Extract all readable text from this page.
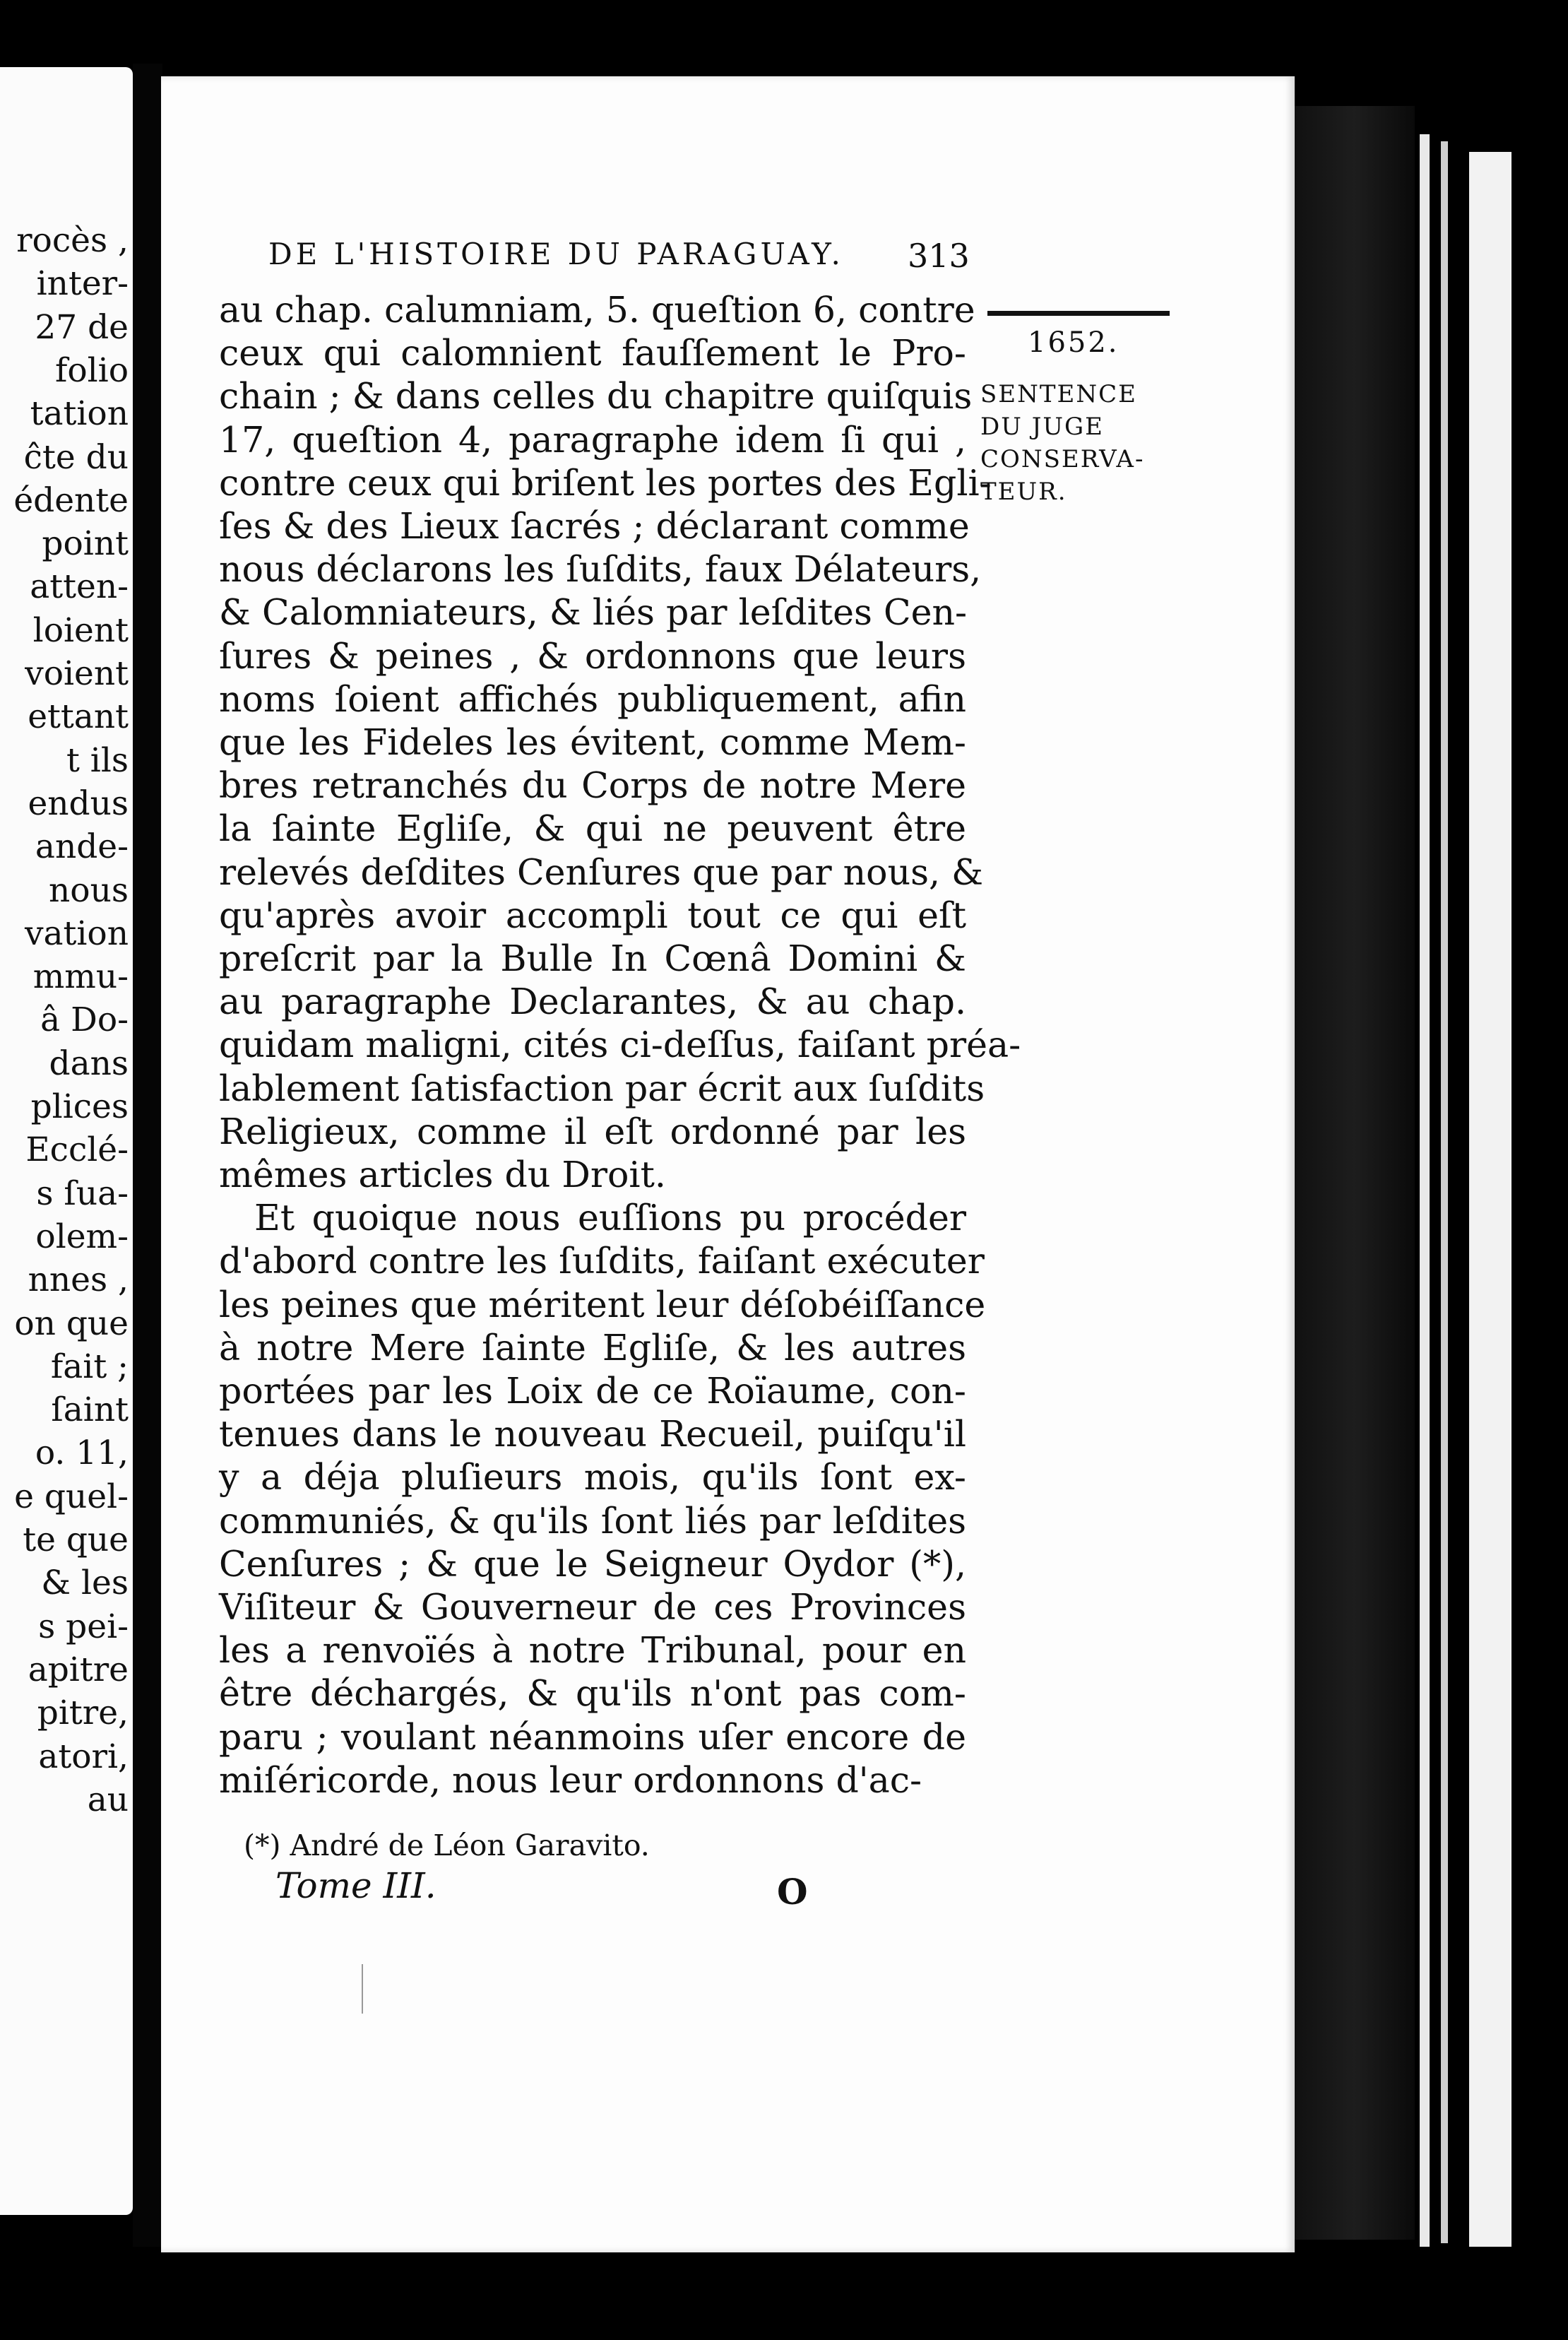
rocès ,
inter-
27 de
folio
tation
ĉte du
édente
point
atten-
loient
voient
ettant
t ils
endus
ande-
nous
vation
mmu-
â Do-
dans
plices
Ecclé-
s ſua-
olem-
nnes ,
on que
fait ;
ſaint
o. 11,
e quel-
te que
& les
s pei-
apitre
pitre,
atori,
au
DE L'HISTOIRE DU PARAGUAY. 313
1652.
SENTENCE
DU JUGE
CONSERVA-
TEUR.
au chap. calumniam, 5. queſtion 6, contre
ceux qui calomnient fauſſement le Pro-
chain ; & dans celles du chapitre quiſquis
17, queſtion 4, paragraphe idem ſi qui ,
contre ceux qui briſent les portes des Egli-
ſes & des Lieux ſacrés ; déclarant comme
nous déclarons les ſuſdits, faux Délateurs,
& Calomniateurs, & liés par leſdites Cen-
ſures & peines , & ordonnons que leurs
noms ſoient affichés publiquement, afin
que les Fideles les évitent, comme Mem-
bres retranchés du Corps de notre Mere
la ſainte Egliſe, & qui ne peuvent être
relevés deſdites Cenſures que par nous, &
qu'après avoir accompli tout ce qui eſt
preſcrit par la Bulle In Cœnâ Domini &
au paragraphe Declarantes, & au chap.
quidam maligni, cités ci-deſſus, faiſant préa-
lablement ſatisfaction par écrit aux ſuſdits
Religieux, comme il eſt ordonné par les
mêmes articles du Droit.
Et quoique nous euſſions pu procéder
d'abord contre les ſuſdits, faiſant exécuter
les peines que méritent leur déſobéiſſance
à notre Mere ſainte Egliſe, & les autres
portées par les Loix de ce Roïaume, con-
tenues dans le nouveau Recueil, puiſqu'il
y a déja pluſieurs mois, qu'ils ſont ex-
communiés, & qu'ils ſont liés par leſdites
Cenſures ; & que le Seigneur Oydor (*),
Viſiteur & Gouverneur de ces Provinces
les a renvoïés à notre Tribunal, pour en
être déchargés, & qu'ils n'ont pas com-
paru ; voulant néanmoins uſer encore de
miſéricorde, nous leur ordonnons d'ac-
(*) André de Léon Garavito.
Tome III.	O
